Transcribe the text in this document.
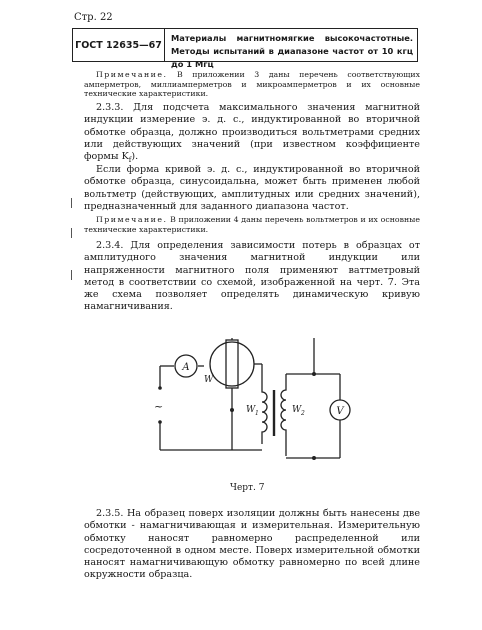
Стр. 22
ГОСТ 12635—67
Материалы магнитномягкие высокочастотные. Методы испытаний в диапазоне частот от 10 кгц до 1 Мгц
Примечание. В приложении 3 даны перечень соответствующих амперметров, миллиамперметров и микроамперметров и их основные технические характеристики.
2.3.3. Для подсчета максимального значения магнитной индукции измерение э. д. с., индуктированной во вторичной обмотке образца, должно производиться вольтметрами средних или действующих значений (при известном коэффициенте формы $K_f$).
Если форма кривой э. д. с., индуктированной во вторичной обмотке образца, синусоидальна, может быть применен любой вольтметр (действующих, амплитудных или средних значений), предназначенный для заданного диапазона частот.
Примечание. В приложении 4 даны перечень вольтметров и их основные технические характеристики.
2.3.4. Для определения зависимости потерь в образцах от амплитудного значения магнитной индукции или напряженности магнитного поля применяют ваттметровый метод в соответствии со схемой, изображенной на черт. 7. Эта же схема позволяет определять динамическую кривую намагничивания.
A
V
W
W 1	W 2
~
Черт. 7
2.3.5. На образец поверх изоляции должны быть нанесены две обмотки - намагничивающая и измерительная. Измерительную обмотку наносят равномерно распределенной или сосредоточенной в одном месте. Поверх измерительной обмотки наносят намагничивающую обмотку равномерно по всей длине окружности образца.
